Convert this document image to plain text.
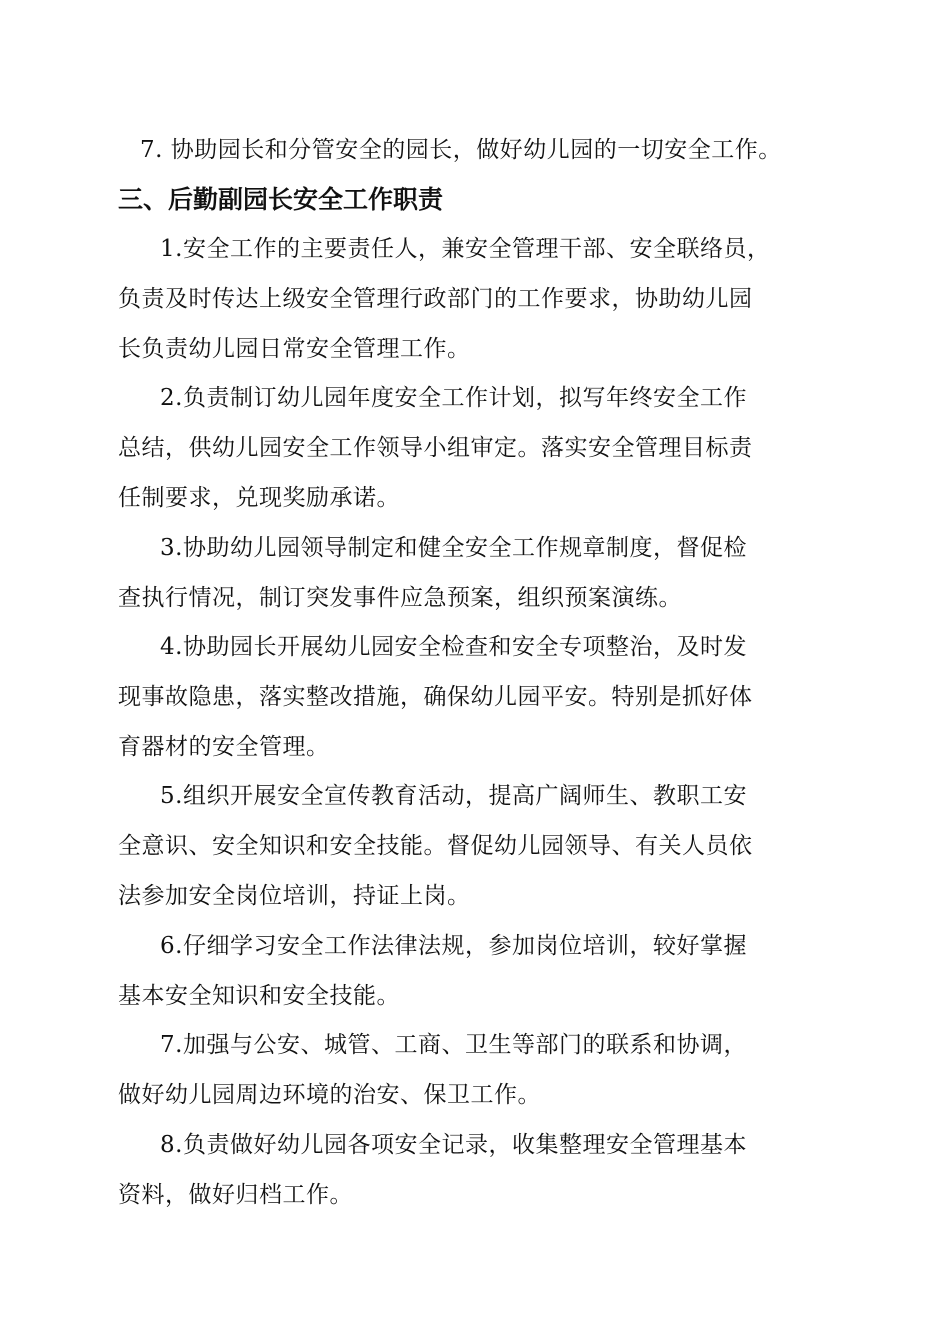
7. 协助园长和分管安全的园长，做好幼儿园的一切安全工作。
三、后勤副园长安全工作职责
1.安全工作的主要责任人，兼安全管理干部、安全联络员，
负责及时传达上级安全管理行政部门的工作要求，协助幼儿园
长负责幼儿园日常安全管理工作。
2.负责制订幼儿园年度安全工作计划，拟写年终安全工作
总结，供幼儿园安全工作领导小组审定。落实安全管理目标责
任制要求，兑现奖励承诺。
3.协助幼儿园领导制定和健全安全工作规章制度，督促检
查执行情况，制订突发事件应急预案，组织预案演练。
4.协助园长开展幼儿园安全检查和安全专项整治，及时发
现事故隐患，落实整改措施，确保幼儿园平安。特别是抓好体
育器材的安全管理。
5.组织开展安全宣传教育活动，提高广阔师生、教职工安
全意识、安全知识和安全技能。督促幼儿园领导、有关人员依
法参加安全岗位培训，持证上岗。
6.仔细学习安全工作法律法规，参加岗位培训，较好掌握
基本安全知识和安全技能。
7.加强与公安、城管、工商、卫生等部门的联系和协调，
做好幼儿园周边环境的治安、保卫工作。
8.负责做好幼儿园各项安全记录，收集整理安全管理基本
资料，做好归档工作。
